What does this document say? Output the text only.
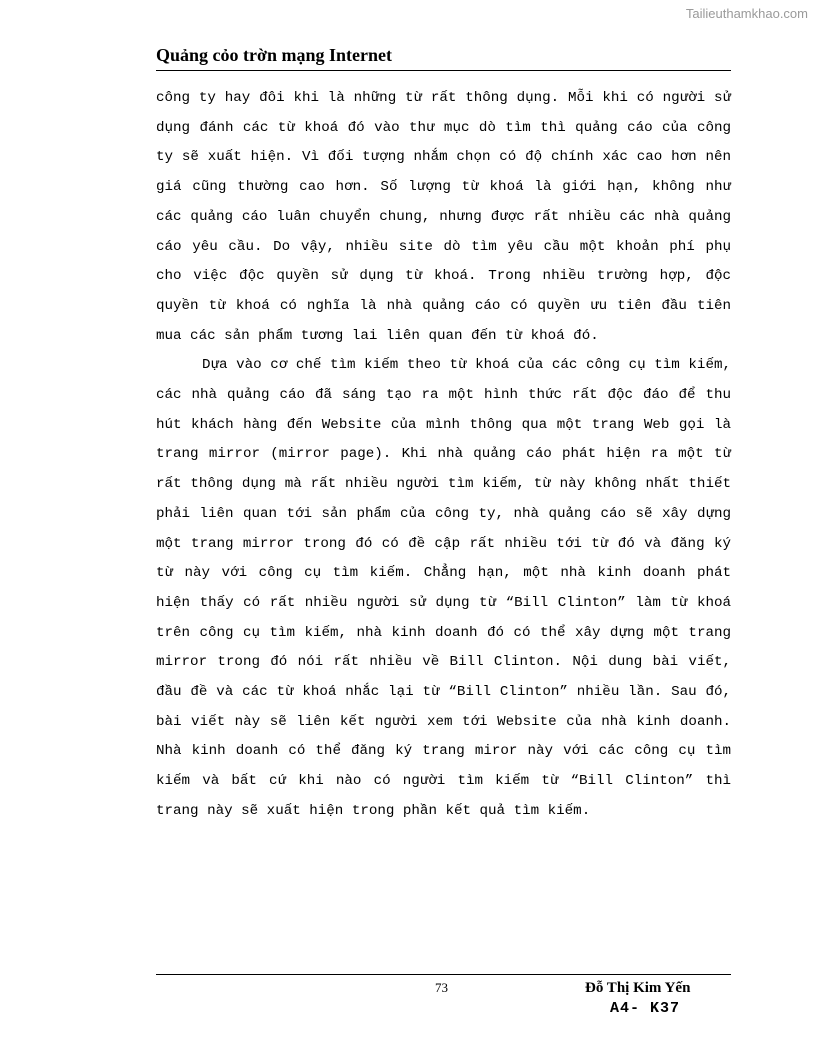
Tailieuthamkhao.com
Quảng cỏo trờn mạng Internet

công ty hay đôi khi là những từ rất thông dụng. Mỗi khi có người sử dụng đánh các từ khoá đó vào thư mục dò tìm thì quảng cáo của công ty sẽ xuất hiện. Vì đối tượng nhắm chọn có độ chính xác cao hơn nên giá cũng thường cao hơn. Số lượng từ khoá là giới hạn, không như các quảng cáo luân chuyển chung, nhưng được rất nhiều các nhà quảng cáo yêu cầu. Do vậy, nhiều site dò tìm yêu cầu một khoản phí phụ cho việc độc quyền sử dụng từ khoá. Trong nhiều trường hợp, độc quyền từ khoá có nghĩa là nhà quảng cáo có quyền ưu tiên đầu tiên mua các sản phẩm tương lai liên quan đến từ khoá đó.

Dựa vào cơ chế tìm kiếm theo từ khoá của các công cụ tìm kiếm, các nhà quảng cáo đã sáng tạo ra một hình thức rất độc đáo để thu hút khách hàng đến Website của mình thông qua một trang Web gọi là trang mirror (mirror page). Khi nhà quảng cáo phát hiện ra một từ rất thông dụng mà rất nhiều người tìm kiếm, từ này không nhất thiết phải liên quan tới sản phẩm của công ty, nhà quảng cáo sẽ xây dựng một trang mirror trong đó có đề cập rất nhiều tới từ đó và đăng ký từ này với công cụ tìm kiếm. Chẳng hạn, một nhà kinh doanh phát hiện thấy có rất nhiều người sử dụng từ “Bill Clinton” làm từ khoá trên công cụ tìm kiếm, nhà kinh doanh đó có thể xây dựng một trang mirror trong đó nói rất nhiều về Bill Clinton. Nội dung bài viết, đầu đề và các từ khoá nhắc lại từ “Bill Clinton” nhiều lần. Sau đó, bài viết này sẽ liên kết người xem tới Website của nhà kinh doanh. Nhà kinh doanh có thể đăng ký trang miror này với các công cụ tìm kiếm và bất cứ khi nào có người tìm kiếm từ “Bill Clinton” thì trang này sẽ xuất hiện trong phần kết quả tìm kiếm.

73	Đỗ Thị Kim Yến
A4- K37
